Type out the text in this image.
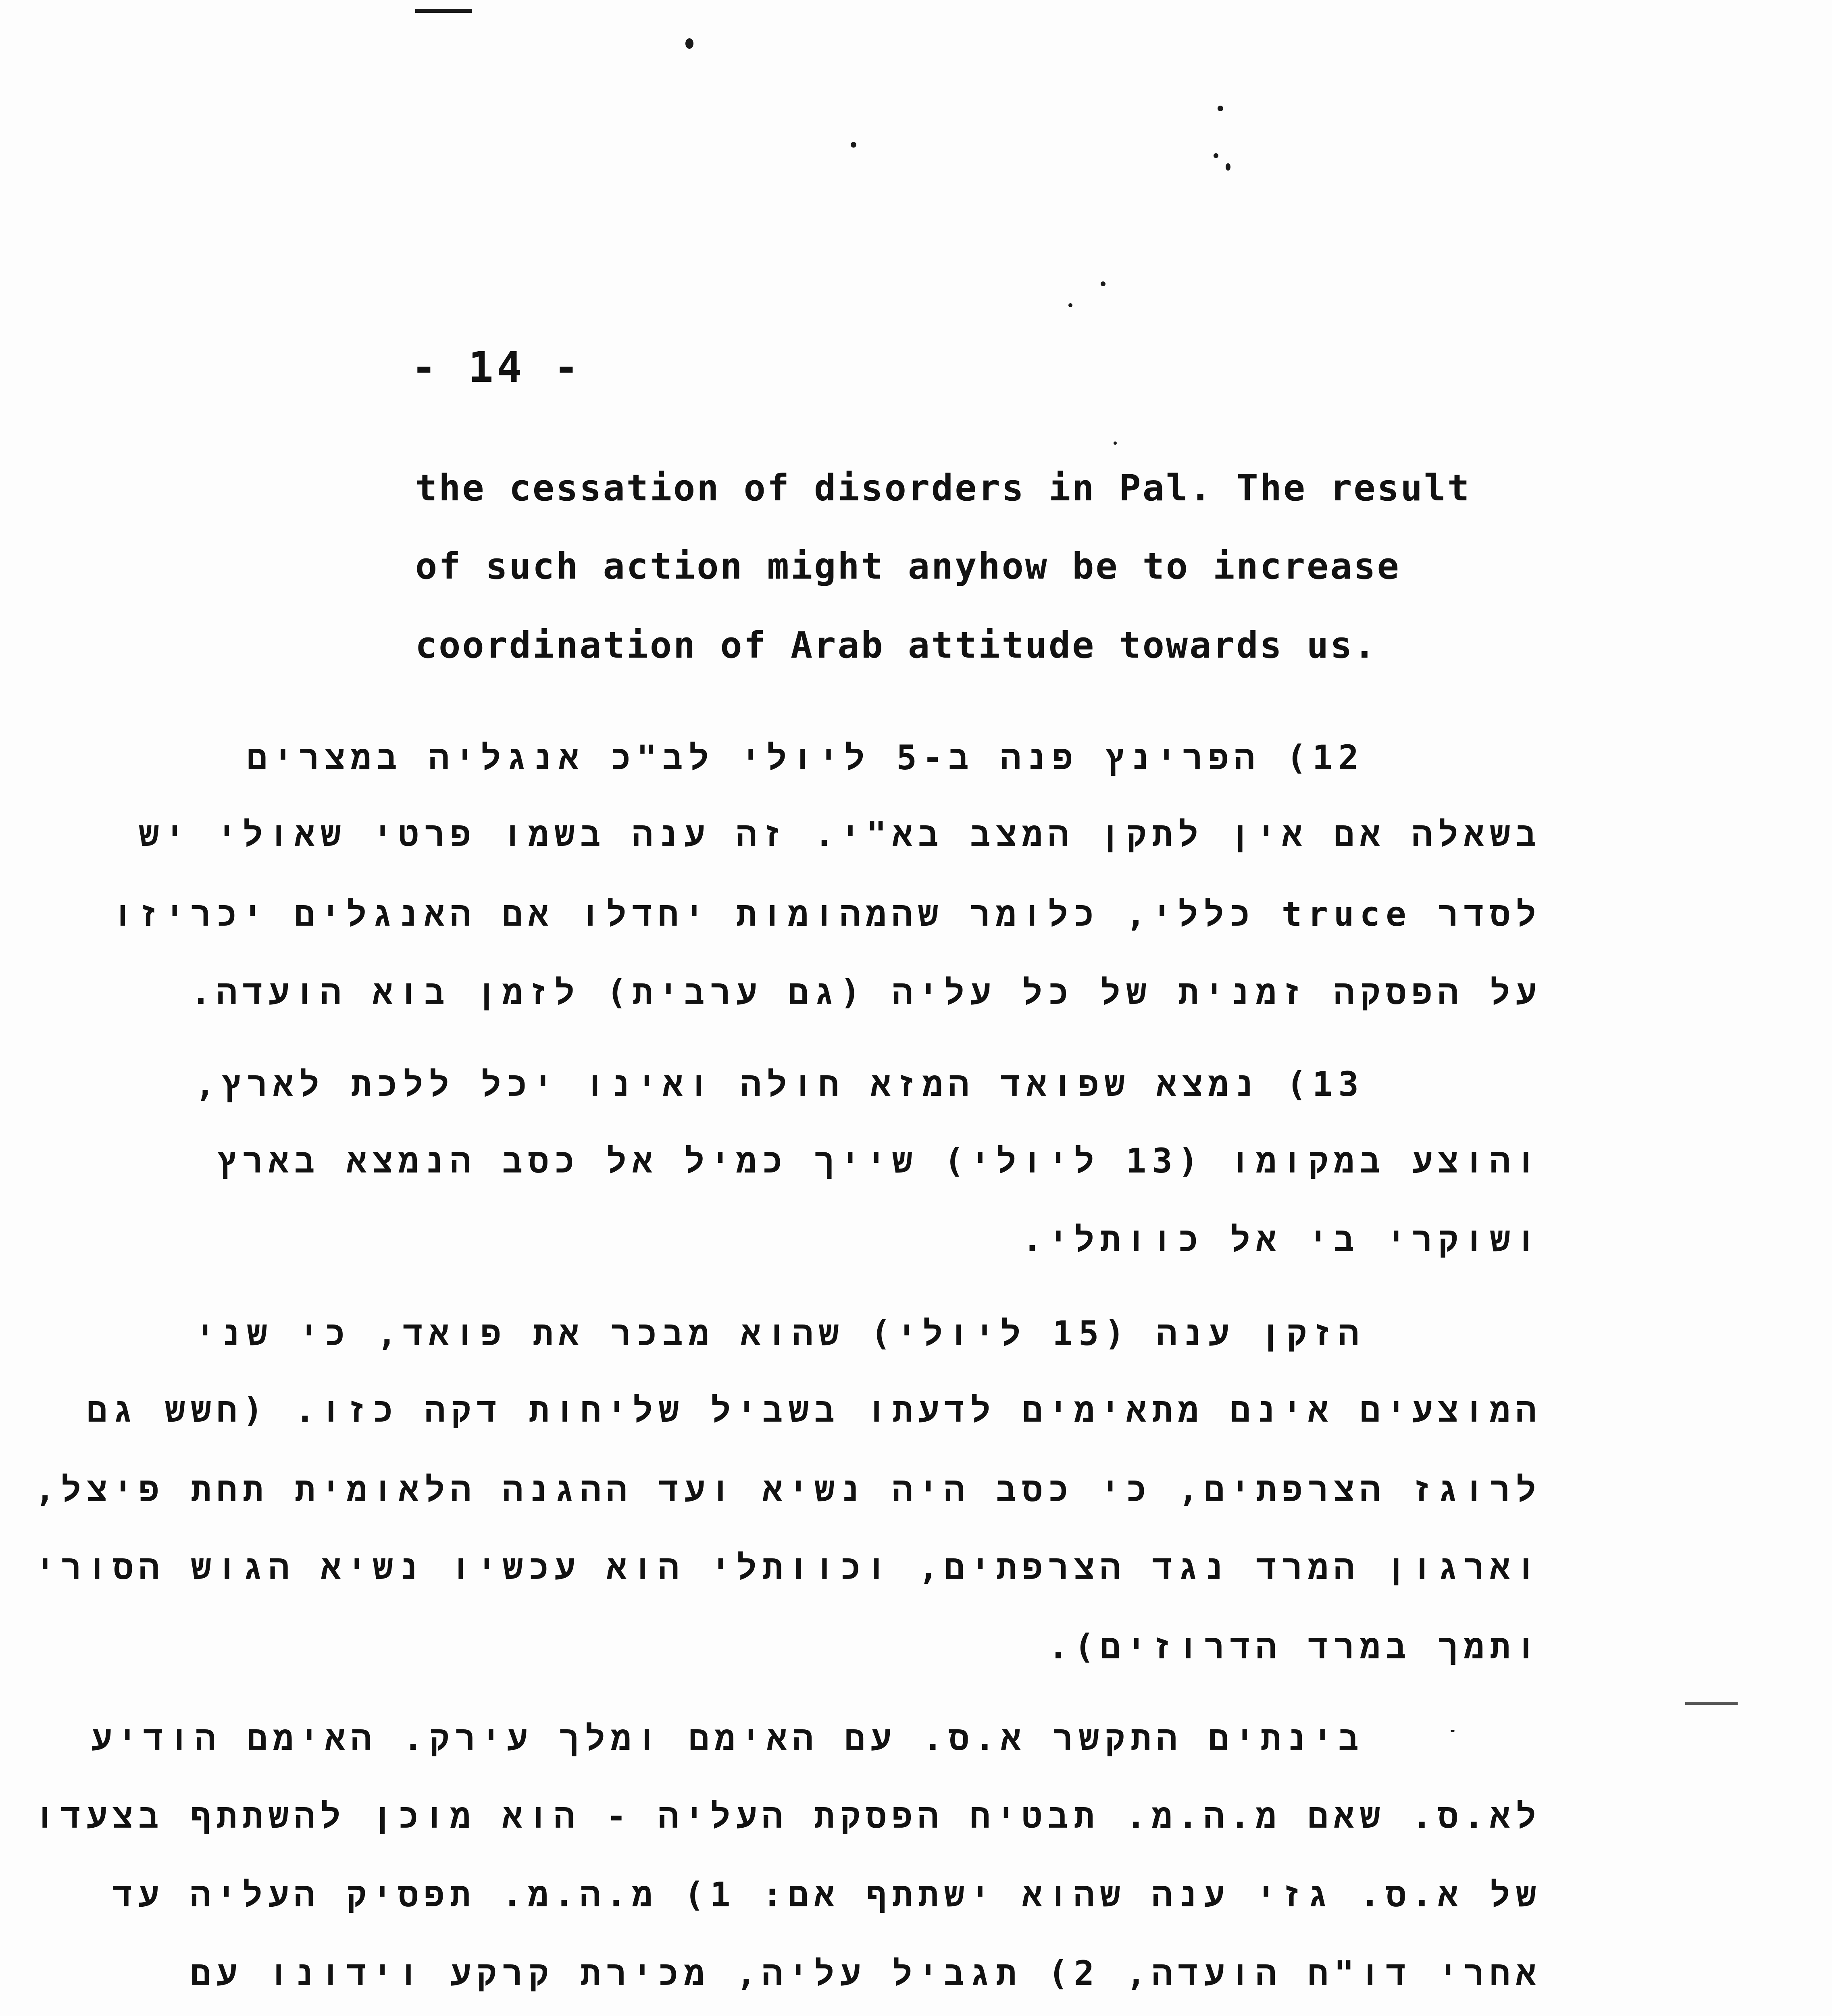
- 14 -
the cessation of disorders in Pal. The result
of such action might anyhow be to increase
coordination of Arab attitude towards us.
12) הפרינץ פנה ב-5 ליולי לב"כ אנגליה במצרים
בשאלה אם אין לתקן המצב בא"י. זה ענה בשמו פרטי שאולי יש
לסדר truce כללי, כלומר שהמהומות יחדלו אם האנגלים יכריזו
על הפסקה זמנית של כל עליה (גם ערבית) לזמן בוא הועדה.
13) נמצא שפואד המזא חולה ואינו יכל ללכת לארץ,
והוצע במקומו (13 ליולי) שייך כמיל אל כסב הנמצא בארץ
ושוקרי בי אל כוותלי.
הזקן ענה (15 ליולי) שהוא מבכר את פואד, כי שני
המוצעים אינם מתאימים לדעתו בשביל שליחות דקה כזו. (חשש גם
לרוגז הצרפתים, כי כסב היה נשיא ועד ההגנה הלאומית תחת פיצל,
וארגון המרד נגד הצרפתים, וכוותלי הוא עכשיו נשיא הגוש הסורי
ותמך במרד הדרוזים).
בינתים התקשר א.ס. עם האימם ומלך עירק. האימם הודיע
לא.ס. שאם מ.ה.מ. תבטיח הפסקת העליה - הוא מוכן להשתתף בצעדו
של א.ס. גזי ענה שהוא ישתתף אם: 1) מ.ה.מ. תפסיק העליה עד
אחרי דו"ח הועדה, 2) תגביל עליה, מכירת קרקע וידונו עם
